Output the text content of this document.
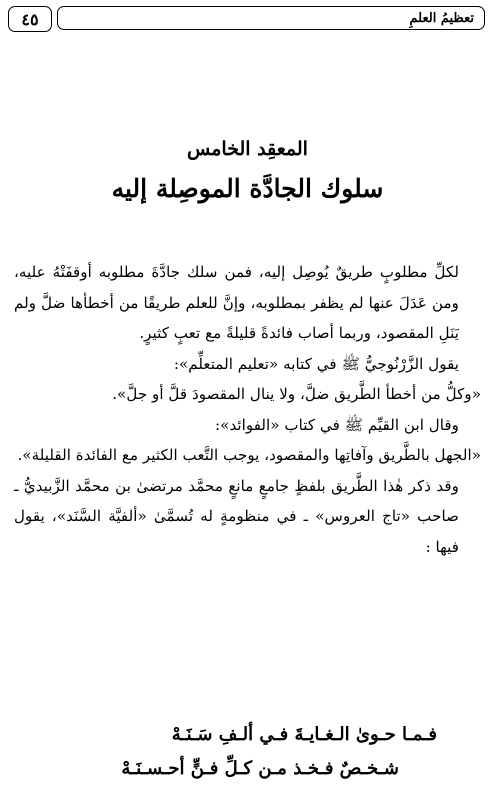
٤٥	تعظيمُ العلمِ
المعقِد الخامس
سلوك الجادَّة الموصِلة إليه

لكلِّ مطلوبٍ طريقٌ يُوصِل إليه، فمن سلك جادَّةَ مطلوبه أوقفَتْهُ عليه، ومن عَدَلَ عنها لم يظفر بمطلوبه، وإنَّ للعلم طريقًا من أخطأها ضلَّ ولم يَنَلِ المقصود، وربما أصاب فائدةً قليلةً مع تعبٍ كثيرٍ.

يقول الزَّرْنُوجيُّ ﷺ في كتابه «تعليم المتعلِّم»:

«وكلُّ من أخطأ الطَّريق ضلَّ، ولا ينال المقصودَ قلَّ أو جلَّ».

وقال ابن القيِّم ﷺ في كتاب «الفوائد»:

«الجهل بالطَّريق وآفاتِها والمقصود، يوجب التَّعب الكثير مع الفائدة القليلة».

وقد ذكر هٰذا الطَّريق بلفظٍ جامعٍ مانعٍ محمَّد مرتضىٰ بن محمَّد الزَّبيديُّ ـ صاحب «تاج العروس» ـ في منظومةٍ له تُسمَّىٰ «ألفيَّة السَّنَد»، يقول فيها :

فـمـا حـوىٰ الـغـايـةَ فـي ألـفِ سَـنَـهْ
شـخـصٌ فـخـذ مـن كـلِّ فـنٍّ أحـسـنَـهْ
